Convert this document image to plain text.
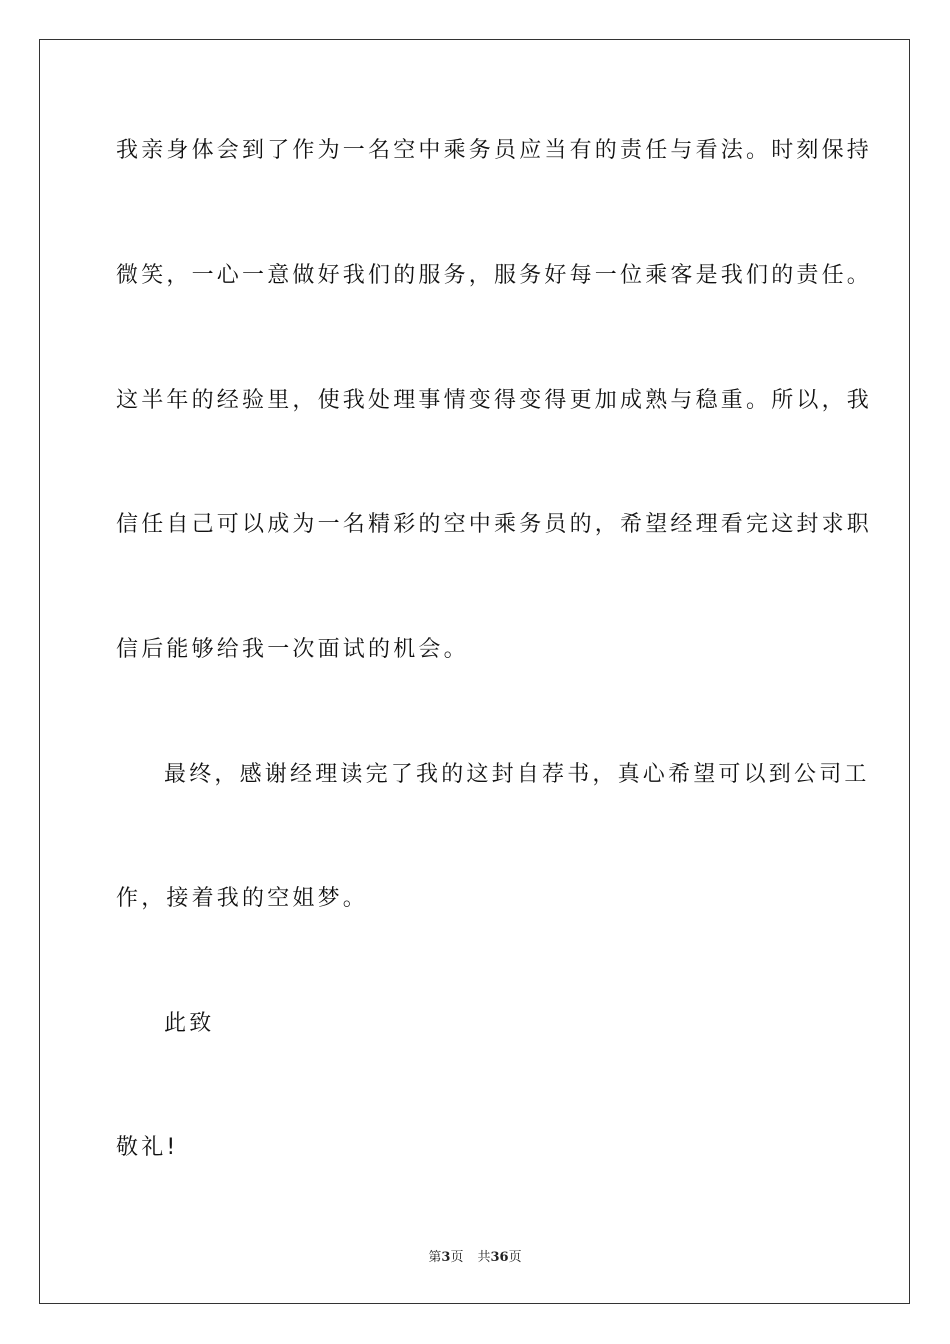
我亲身体会到了作为一名空中乘务员应当有的责任与看法。时刻保持
微笑，一心一意做好我们的服务，服务好每一位乘客是我们的责任。
这半年的经验里，使我处理事情变得变得更加成熟与稳重。所以，我
信任自己可以成为一名精彩的空中乘务员的，希望经理看完这封求职
信后能够给我一次面试的机会。
最终，感谢经理读完了我的这封自荐书，真心希望可以到公司工
作，接着我的空姐梦。
此致
敬礼!
第3页 共36页
